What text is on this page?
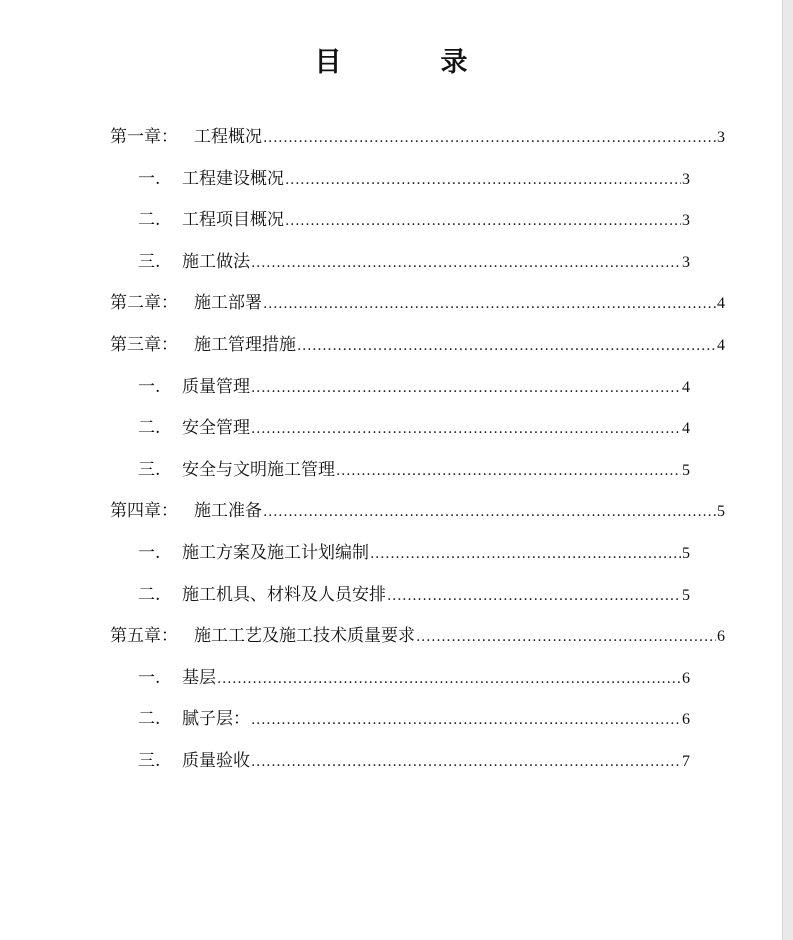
目　录
第一章： 工程概况 .....	3
一.	工程建设概况 .....	3
二.	工程项目概况 .....	3
三.	施工做法 .....	3
第二章： 施工部署 .....	4
第三章： 施工管理措施 .....	4
一.	质量管理 .....	4
二.	安全管理 .....	4
三.	安全与文明施工管理 .....	5
第四章： 施工准备 .....	5
一.	施工方案及施工计划编制 .....	5
二.	施工机具、材料及人员安排 .....	5
第五章： 施工工艺及施工技术质量要求 .....	6
一.	基层 .....	6
二.	腻子层： .....	6
三.	质量验收 .....	7
